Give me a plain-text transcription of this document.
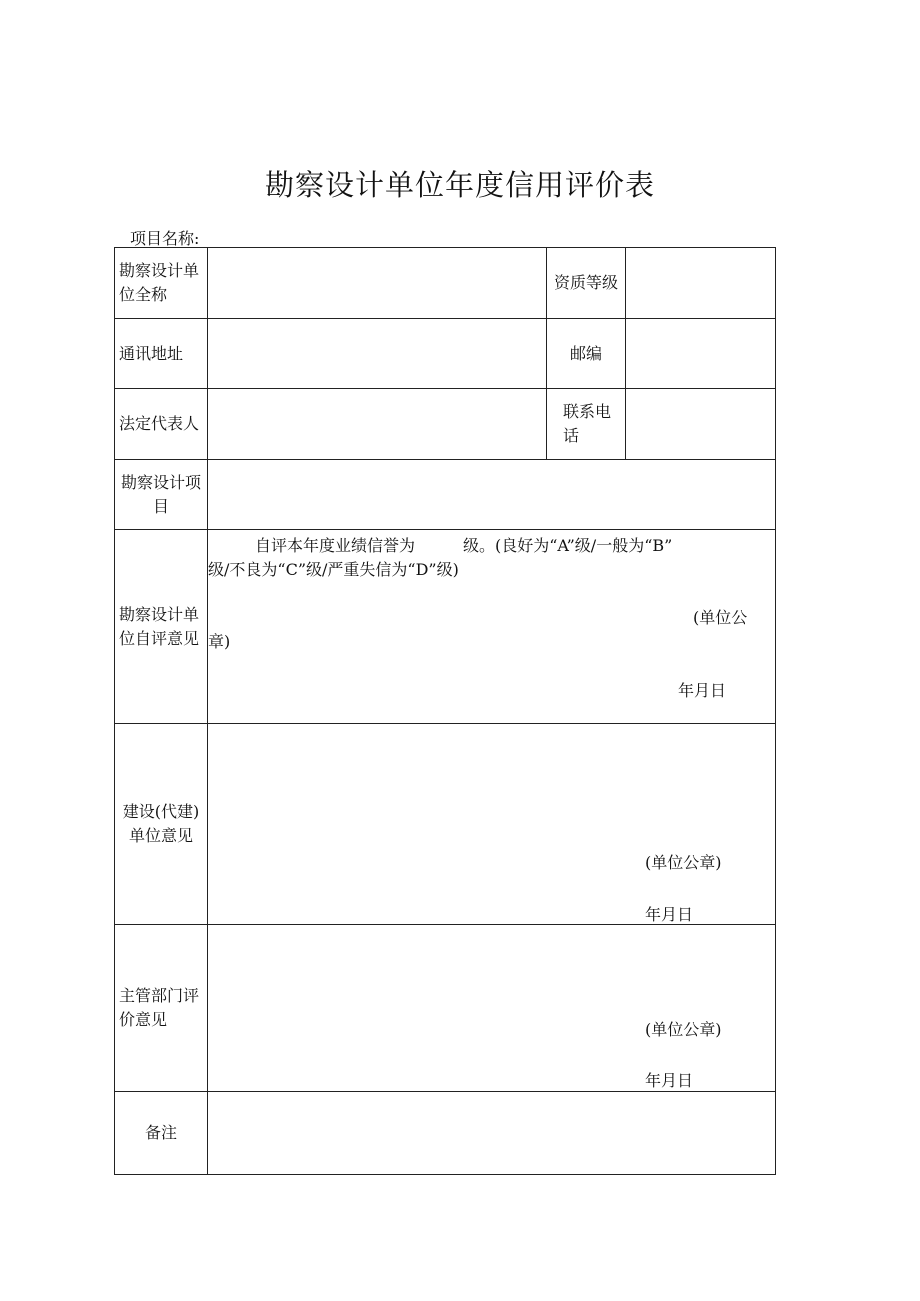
勘察设计单位年度信用评价表
项目名称:
勘察设计单位全称
资质等级
通讯地址	邮编
法定代表人
联系电话
勘察设计项目
勘察设计单位自评意见
自评本年度业绩信誉为　　　级。(良好为“A”级/一般为“B”
级/不良为“C”级/严重失信为“D”级)
(单位公
章)
年月日
建设(代建)单位意见
(单位公章)
年月日
主管部门评价意见
(单位公章)
年月日
备注
